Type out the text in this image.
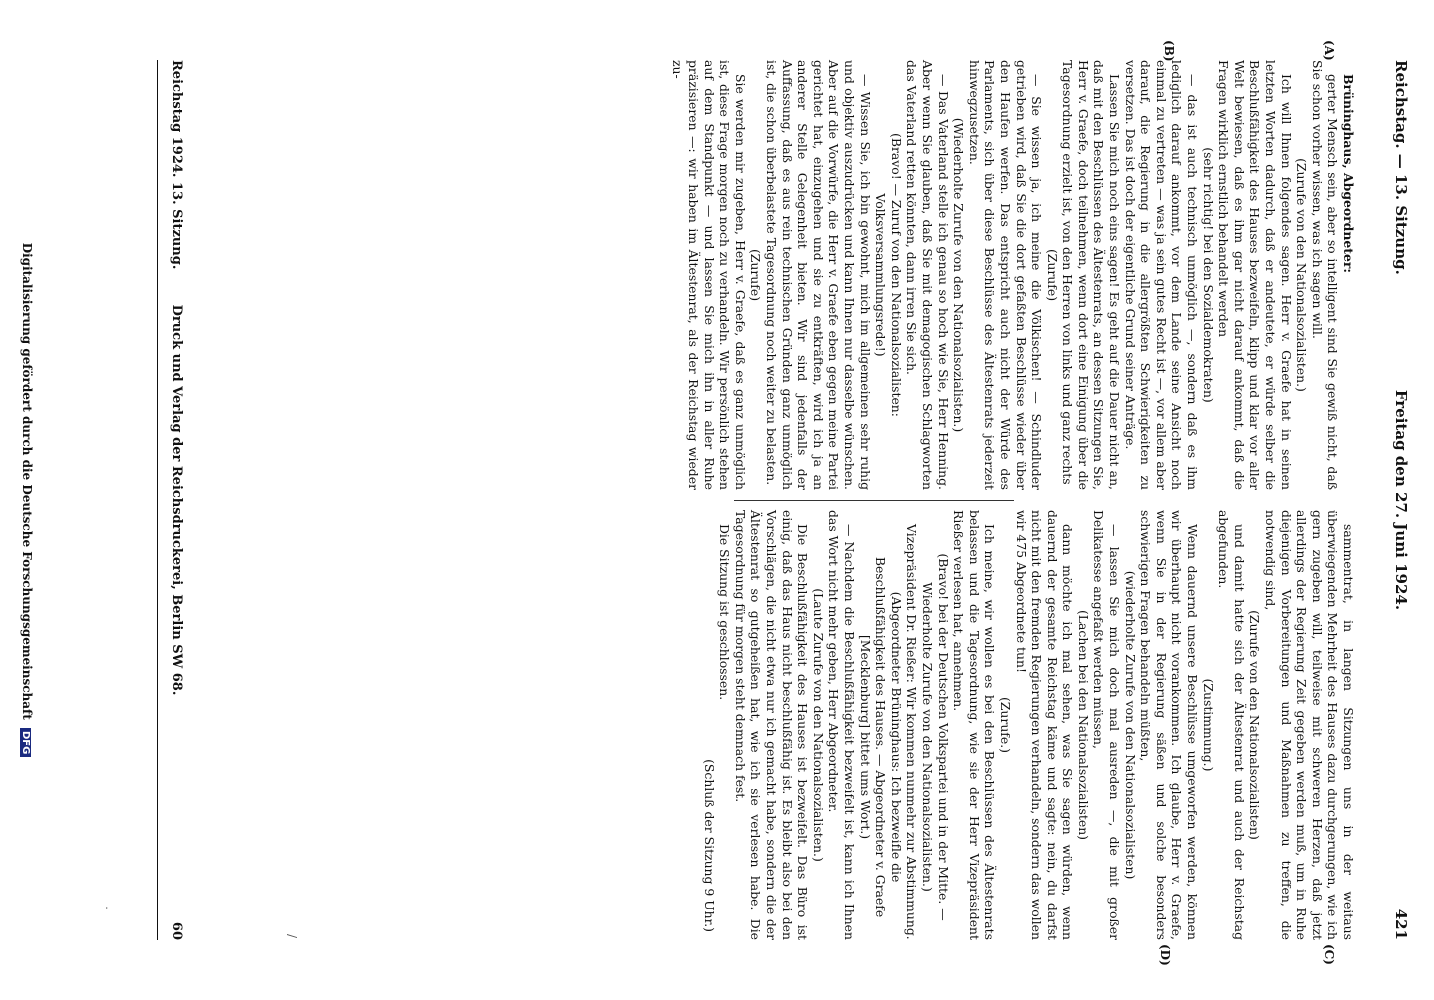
Reichstag. — 13. Sitzung.
Freitag den 27. Juni 1924.
421
(A)
(B)
(C)
(D)

Brüninghaus, Abgeordneter:

gerter Mensch sein, aber so intelligent sind Sie gewiß nicht, daß Sie schon vorher wissen, was ich sagen will.

(Zurufe von den Nationalsozialisten.)

Ich will Ihnen folgendes sagen. Herr v. Graefe hat in seinen letzten Worten dadurch, daß er andeutete, er würde selber die Beschlußfähigkeit des Hauses bezweifeln, klipp und klar vor aller Welt bewiesen, daß es ihm gar nicht darauf ankommt, daß die Fragen wirklich ernstlich behandelt werden

(sehr richtig! bei den Sozialdemokraten)

— das ist auch technisch unmöglich —, sondern daß es ihm lediglich darauf ankommt, vor dem Lande seine Ansicht noch einmal zu vertreten — was ja sein gutes Recht ist —, vor allem aber darauf, die Regierung in die allergrößten Schwierigkeiten zu versetzen. Das ist doch der eigentliche Grund seiner Anträge.

Lassen Sie mich noch eins sagen! Es geht auf die Dauer nicht an, daß mit den Beschlüssen des Ältestenrats, an dessen Sitzungen Sie, Herr v. Graefe, doch teilnehmen, wenn dort eine Einigung über die Tagesordnung erzielt ist, von den Herren von links und ganz rechts

(Zurufe)

— Sie wissen ja, ich meine die Völkischen! — Schindluder getrieben wird, daß Sie die dort gefaßten Beschlüsse wieder über den Haufen werfen. Das entspricht auch nicht der Würde des Parlaments, sich über diese Beschlüsse des Ältestenrats jederzeit hinwegzusetzen.

(Wiederholte Zurufe von den Nationalsozialisten.)

— Das Vaterland stelle ich genau so hoch wie Sie, Herr Henning. Aber wenn Sie glauben, daß Sie mit demagogischen Schlagworten das Vaterland retten könnten, dann irren Sie sich.

(Bravo! — Zuruf von den Nationalsozialisten: Volksversammlungsrede!)

— Wissen Sie, ich bin gewohnt, mich im allgemeinen sehr ruhig und objektiv auszudrücken und kann Ihnen nur dasselbe wünschen. Aber auf die Vorwürfe, die Herr v. Graefe eben gegen meine Partei gerichtet hat, einzugehen und sie zu entkräften, wird ich ja an anderer Stelle Gelegenheit bieten. Wir sind jedenfalls der Auffassung, daß es aus rein technischen Gründen ganz unmöglich ist, die schon überbelastete Tagesordnung noch weiter zu belasten.

(Zurufe)

Sie werden mir zugeben, Herr v. Graefe, daß es ganz unmöglich ist, diese Frage morgen noch zu verhandeln. Wir persönlich stehen auf dem Standpunkt — und lassen Sie mich ihn in aller Ruhe präzisieren —: wir haben im Ältestenrat, als der Reichstag wieder zu-

sammentrat, in langen Sitzungen uns in der weitaus überwiegenden Mehrheit des Hauses dazu durchgerungen, wie ich gern zugeben will, teilweise mit schweren Herzen, daß jetzt allerdings der Regierung Zeit gegeben werden muß, um in Ruhe diejenigen Vorbereitungen und Maßnahmen zu treffen, die notwendig sind,

(Zurufe von den Nationalsozialisten)

und damit hatte sich der Ältestenrat und auch der Reichstag abgefunden.

(Zustimmung.)

Wenn dauernd unsere Beschlüsse umgeworfen werden, können wir überhaupt nicht vorankommen. Ich glaube, Herr v. Graefe, wenn Sie in der Regierung säßen und solche besonders schwierigen Fragen behandeln müßten,

(wiederholte Zurufe von den Nationalsozialisten)

— lassen Sie mich doch mal ausreden —, die mit großer Delikatesse angefaßt werden müssen,

(Lachen bei den Nationalsozialisten)

dann möchte ich mal sehen, was Sie sagen würden, wenn dauernd der gesamte Reichstag käme und sagte: nein, du darfst nicht mit den fremden Regierungen verhandeln, sondern das wollen wir 475 Abgeordnete tun!

(Zurufe.)

Ich meine, wir wollen es bei den Beschlüssen des Ältestenrats belassen und die Tagesordnung, wie sie der Herr Vizepräsident Rießer verlesen hat, annehmen.

(Bravo! bei der Deutschen Volkspartei und in der Mitte. — Wiederholte Zurufe von den Nationalsozialisten.)

Vizepräsident Dr. Rießer: Wir kommen nunmehr zur Abstimmung.

(Abgeordneter Brüninghaus: Ich bezweifle die Beschlußfähigkeit des Hauses. — Abgeordneter v. Graefe [Mecklenburg] bittet ums Wort.)

— Nachdem die Beschlußfähigkeit bezweifelt ist, kann ich Ihnen das Wort nicht mehr geben, Herr Abgeordneter.

(Laute Zurufe von den Nationalsozialisten.)

Die Beschlußfähigkeit des Hauses ist bezweifelt. Das Büro ist einig, daß das Haus nicht beschlußfähig ist. Es bleibt also bei den Vorschlägen, die nicht etwa nur ich gemacht habe, sondern die der Ältestenrat so gutgeheißen hat, wie ich sie verlesen habe. Die Tagesordnung für morgen steht demnach fest.

Die Sitzung ist geschlossen.

(Schluß der Sitzung 9 Uhr.)

˙
/
Reichstag 1924. 13. Sitzung.
Druck und Verlag der Reichsdruckerei, Berlin SW 68.
60
Digitalisierung gefördert durch die Deutsche Forschungsgemeinschaft DFG
